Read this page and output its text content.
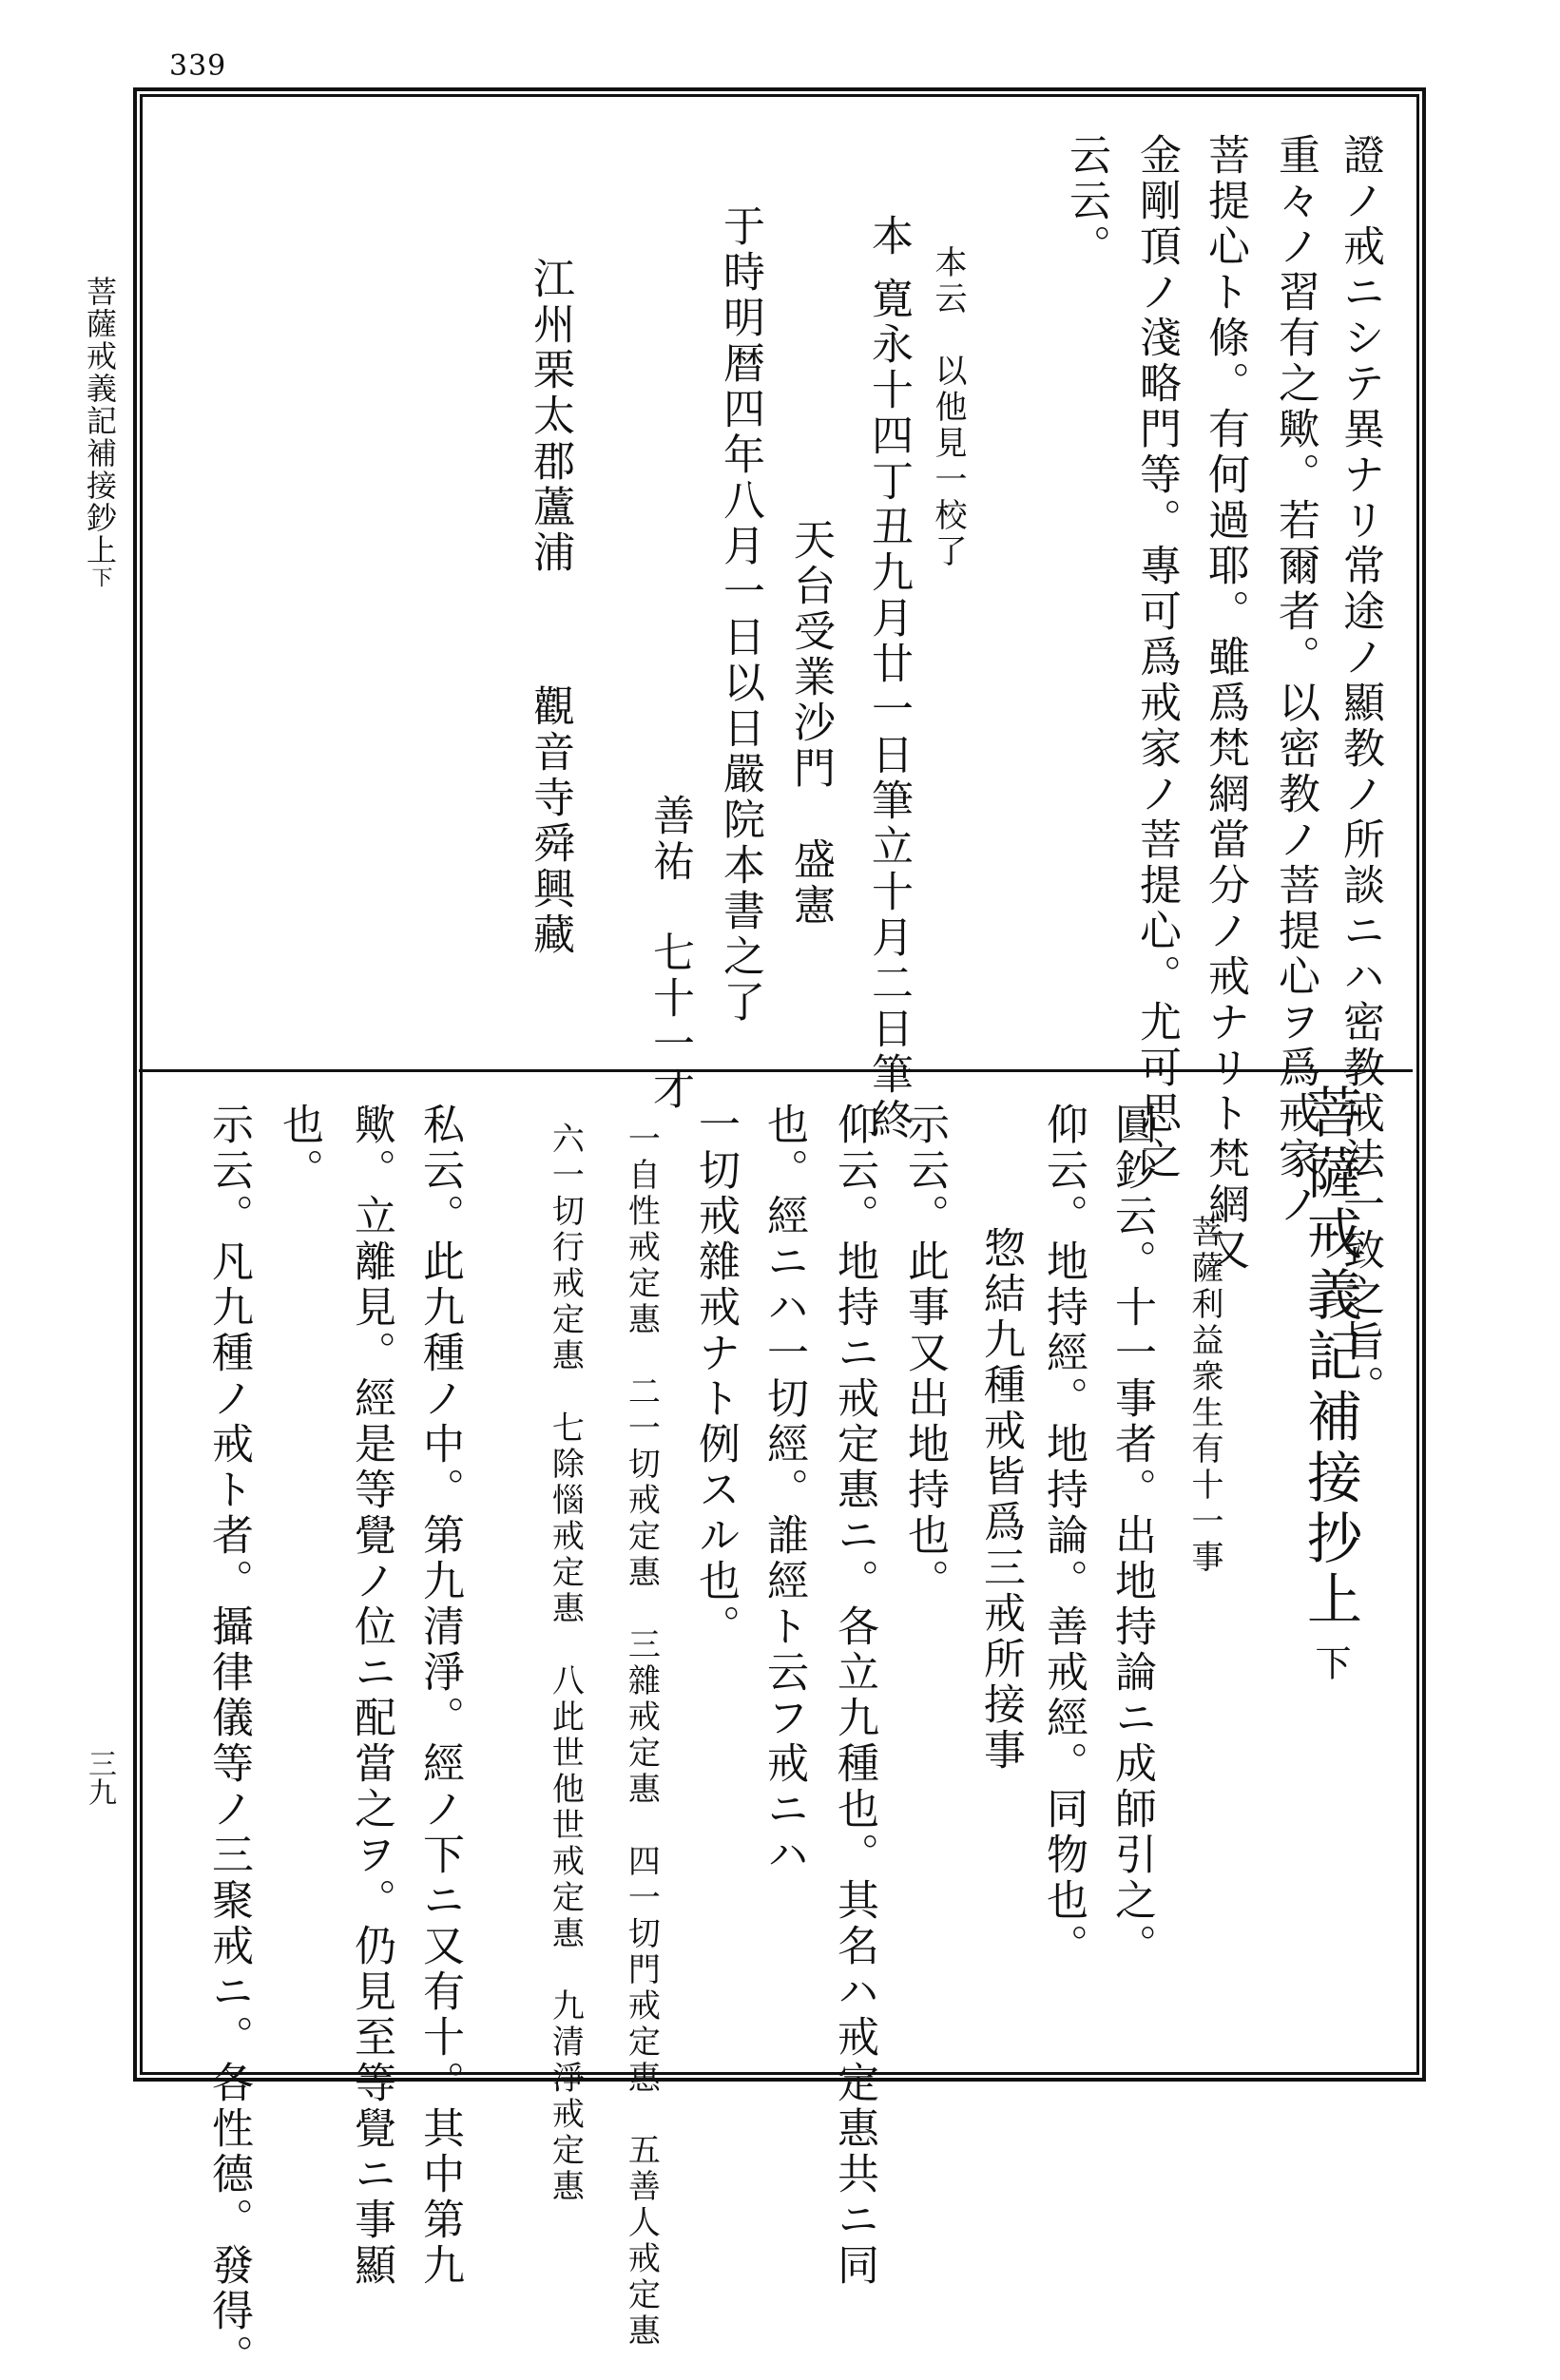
339
菩薩戒義記補接鈔上下
三九
證ノ戒ニシテ異ナリ常途ノ顯教ノ所談ニハ密教戒法一致之旨。
重々ノ習有之歟。若爾者。以密教ノ菩提心ヲ爲戒家ノ
菩提心ト條。有何過耶。雖爲梵網當分ノ戒ナリト梵網又
金剛頂ノ淺略門等。專可爲戒家ノ菩提心。尤可思之
云云。
本云　以他見一校了
本 寛永十四丁丑九月廿一日筆立十月二日筆終
天台受業沙門　盛憲
于時明暦四年八月一日以日嚴院本書之了
善祐　七十一才
江州栗太郡蘆浦
觀音寺舜興藏
菩薩戒義記補接抄上下
菩薩利益衆生有十一事
圓鈔云。十一事者。出地持論ニ成師引之。
仰云。地持經。地持論。善戒經。同物也。
惣結九種戒皆爲三戒所接事
示云。此事又出地持也。
仰云。地持ニ戒定惠ニ。各立九種也。其名ハ戒定惠共ニ同
也。經ニハ一切經。誰經ト云フ戒ニハ
一切戒雜戒ナト例スル也。
一自性戒定惠　二一切戒定惠　三雜戒定惠　四一切門戒定惠　五善人戒定惠
六一切行戒定惠　七除惱戒定惠　八此世他世戒定惠　九清淨戒定惠
私云。此九種ノ中。第九清淨。經ノ下ニ又有十。其中第九
歟。立離見。經是等覺ノ位ニ配當之ヲ。仍見至等覺ニ事顯
也。
示云。凡九種ノ戒ト者。攝律儀等ノ三聚戒ニ。各性德。發得。
